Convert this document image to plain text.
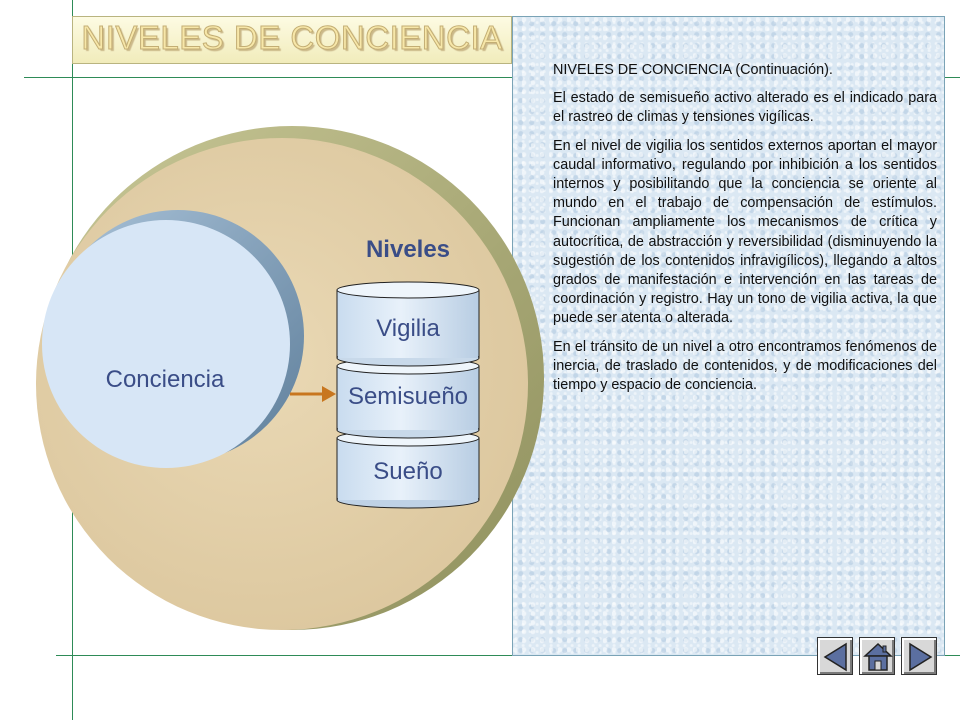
NIVELES DE CONCIENCIA

NIVELES DE CONCIENCIA (Continuación).

El estado de semisueño activo alterado es el indicado para el rastreo de climas y tensiones vigílicas.

En el nivel de vigilia los sentidos externos aportan el mayor caudal informativo, regulando por inhibición a los sentidos internos y posibilitando que la conciencia se oriente al mundo en el trabajo de compensación de estímulos. Funcionan ampliamente los mecanismos de crítica y autocrítica, de abstracción y reversibilidad (disminuyendo la sugestión de los contenidos infravigílicos), llegando a altos grados de manifestación e intervención en las tareas de coordinación y registro. Hay un tono de vigilia activa, la que puede ser atenta o alterada.

En el tránsito de un nivel a otro encontramos fenómenos de inercia, de traslado de contenidos, y de modificaciones del tiempo y espacio de conciencia.

Conciencia
Niveles
Vigilia
Semisueño
Sueño
